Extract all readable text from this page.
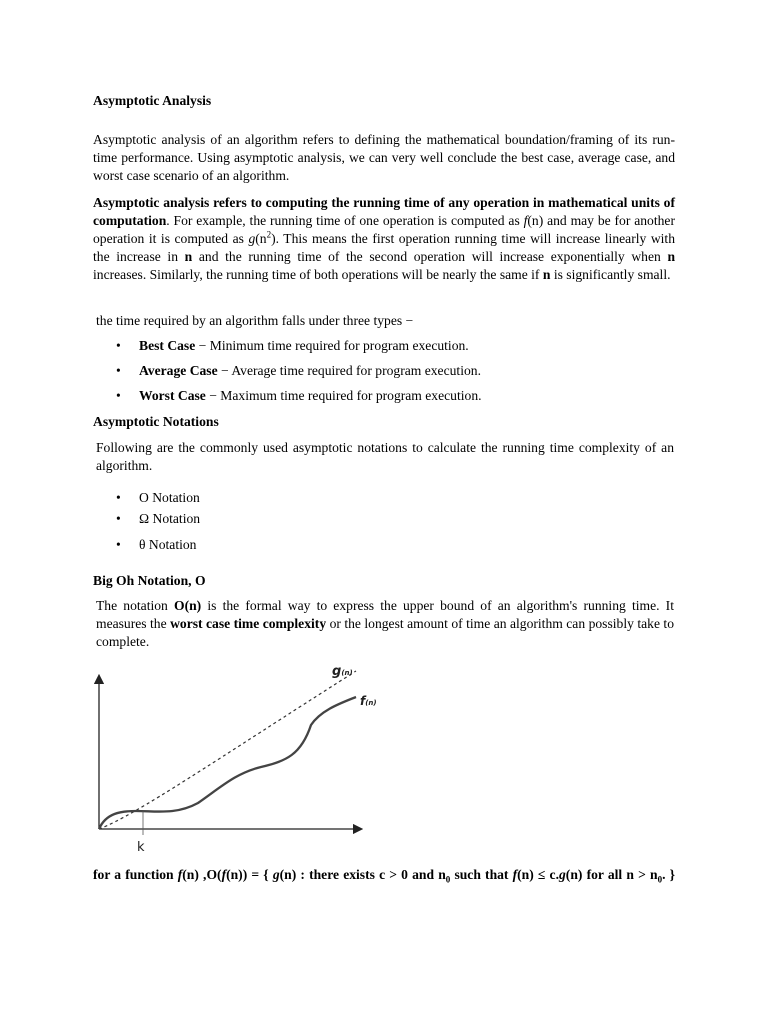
Asymptotic Analysis
Asymptotic analysis of an algorithm refers to defining the mathematical boundation/framing of its run-time performance. Using asymptotic analysis, we can very well conclude the best case, average case, and worst case scenario of an algorithm.
Asymptotic analysis refers to computing the running time of any operation in mathematical units of computation. For example, the running time of one operation is computed as f(n) and may be for another operation it is computed as $g(n^2)$. This means the first operation running time will increase linearly with the increase in n and the running time of the second operation will increase exponentially when n increases. Similarly, the running time of both operations will be nearly the same if n is significantly small.
the time required by an algorithm falls under three types −
• Best Case − Minimum time required for program execution.
• Average Case − Average time required for program execution.
• Worst Case − Maximum time required for program execution.
Asymptotic Notations
Following are the commonly used asymptotic notations to calculate the running time complexity of an algorithm.
• O Notation
• Ω Notation
• θ Notation
Big Oh Notation, O
The notation O(n) is the formal way to express the upper bound of an algorithm's running time. It measures the worst case time complexity or the longest amount of time an algorithm can possibly take to complete.
for a function f(n) ,O(f(n)) = { g(n) : there exists c > 0 and $n_0$ such that f(n) ≤ c.g(n) for all $n > n_0$. }
g(n)
f(n)
k
